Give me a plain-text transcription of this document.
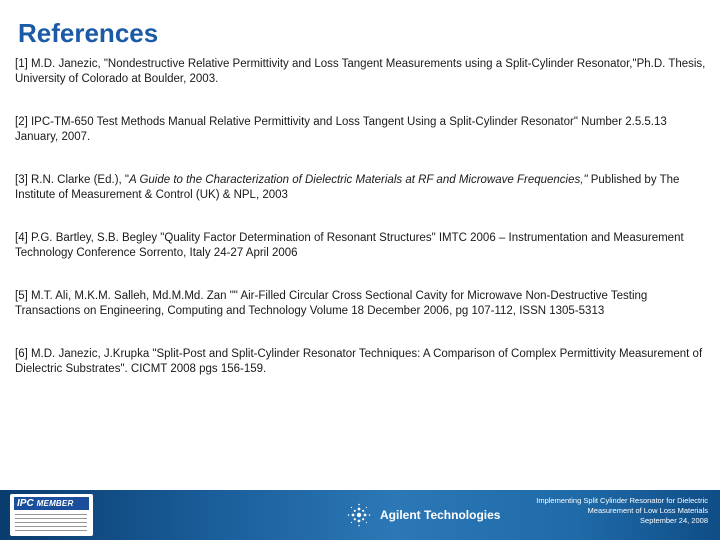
References

[1] M.D. Janezic, "Nondestructive Relative Permittivity and Loss Tangent Measurements using a Split-Cylinder Resonator,"Ph.D. Thesis, University of Colorado at Boulder, 2003.

[2] IPC-TM-650 Test Methods Manual Relative Permittivity and Loss Tangent Using a Split-Cylinder Resonator" Number 2.5.5.13 January, 2007.

[3] R.N. Clarke (Ed.), "A Guide to the Characterization of Dielectric Materials at RF and Microwave Frequencies," Published by The Institute of Measurement & Control (UK) & NPL, 2003

[4] P.G. Bartley, S.B. Begley "Quality Factor Determination of Resonant Structures" IMTC 2006 – Instrumentation and Measurement Technology Conference Sorrento, Italy 24-27 April 2006

[5] M.T. Ali, M.K.M. Salleh, Md.M.Md. Zan "" Air-Filled Circular Cross Sectional Cavity for Microwave Non-Destructive Testing Transactions on Engineering, Computing and Technology Volume 18 December 2006, pg 107-112, ISSN 1305-5313

[6] M.D. Janezic, J.Krupka "Split-Post and Split-Cylinder Resonator Techniques: A Comparison of Complex Permittivity Measurement of Dielectric Substrates". CICMT 2008 pgs 156-159.

IPC MEMBER
Agilent Technologies
Implementing Split Cylinder Resonator for Dielectric
Measurement of Low Loss Materials
September 24, 2008
